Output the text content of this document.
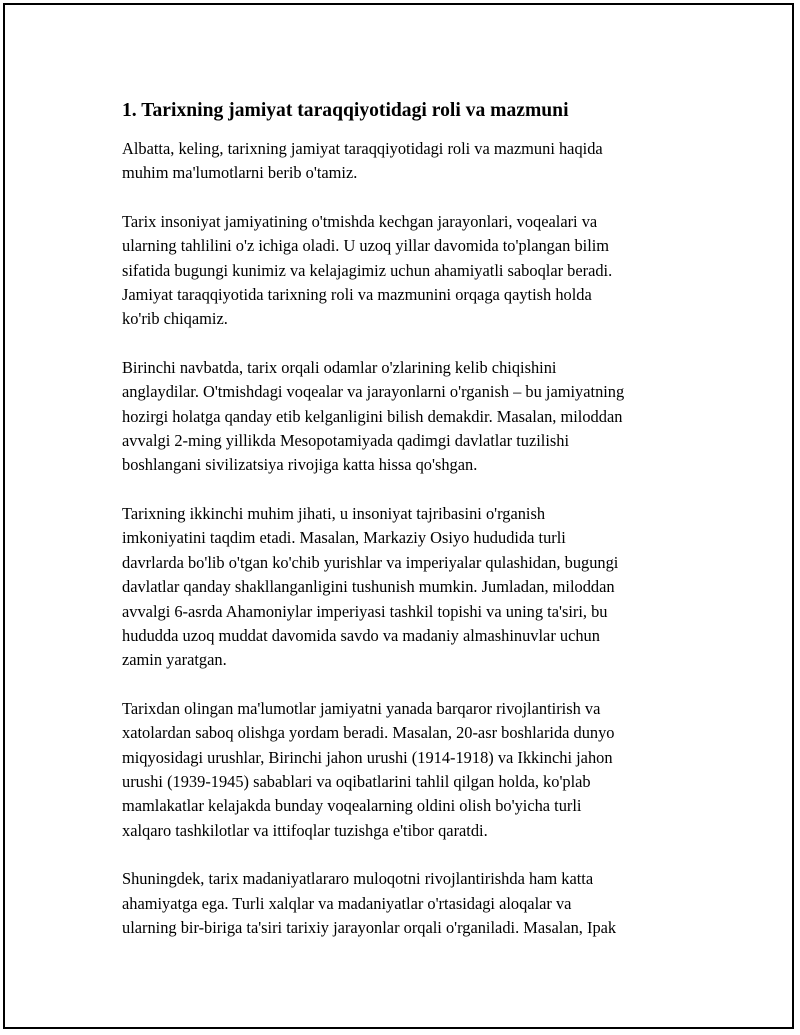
1. Tarixning jamiyat taraqqiyotidagi roli va mazmuni
Albatta, keling, tarixning jamiyat taraqqiyotidagi roli va mazmuni haqida
muhim ma'lumotlarni berib o'tamiz.
Tarix insoniyat jamiyatining o'tmishda kechgan jarayonlari, voqealari va
ularning tahlilini o'z ichiga oladi. U uzoq yillar davomida to'plangan bilim
sifatida bugungi kunimiz va kelajagimiz uchun ahamiyatli saboqlar beradi.
Jamiyat taraqqiyotida tarixning roli va mazmunini orqaga qaytish holda
ko'rib chiqamiz.
Birinchi navbatda, tarix orqali odamlar o'zlarining kelib chiqishini
anglaydilar. O'tmishdagi voqealar va jarayonlarni o'rganish – bu jamiyatning
hozirgi holatga qanday etib kelganligini bilish demakdir. Masalan, miloddan
avvalgi 2-ming yillikda Mesopotamiyada qadimgi davlatlar tuzilishi
boshlangani sivilizatsiya rivojiga katta hissa qo'shgan.
Tarixning ikkinchi muhim jihati, u insoniyat tajribasini o'rganish
imkoniyatini taqdim etadi. Masalan, Markaziy Osiyo hududida turli
davrlarda bo'lib o'tgan ko'chib yurishlar va imperiyalar qulashidan, bugungi
davlatlar qanday shakllanganligini tushunish mumkin. Jumladan, miloddan
avvalgi 6-asrda Ahamoniylar imperiyasi tashkil topishi va uning ta'siri, bu
hududda uzoq muddat davomida savdo va madaniy almashinuvlar uchun
zamin yaratgan.
Tarixdan olingan ma'lumotlar jamiyatni yanada barqaror rivojlantirish va
xatolardan saboq olishga yordam beradi. Masalan, 20-asr boshlarida dunyo
miqyosidagi urushlar, Birinchi jahon urushi (1914-1918) va Ikkinchi jahon
urushi (1939-1945) sabablari va oqibatlarini tahlil qilgan holda, ko'plab
mamlakatlar kelajakda bunday voqealarning oldini olish bo'yicha turli
xalqaro tashkilotlar va ittifoqlar tuzishga e'tibor qaratdi.
Shuningdek, tarix madaniyatlararo muloqotni rivojlantirishda ham katta
ahamiyatga ega. Turli xalqlar va madaniyatlar o'rtasidagi aloqalar va
ularning bir-biriga ta'siri tarixiy jarayonlar orqali o'rganiladi. Masalan, Ipak
